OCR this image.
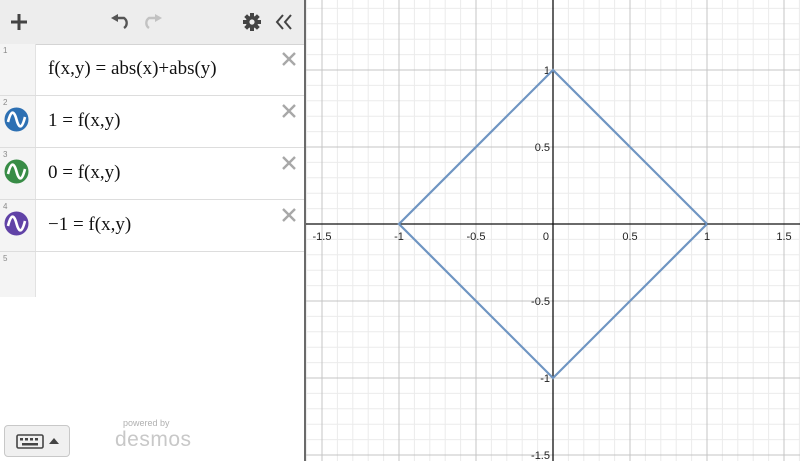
1
f(x,y) = abs(x)+abs(y)
2
1 = f(x,y)
3
0 = f(x,y)
4
−1 = f(x,y)
5
powered by
desmos
-1.5	-1	-0.5	0	0.5	1	1.5
1
0.5
-0.5
-1
-1.5
